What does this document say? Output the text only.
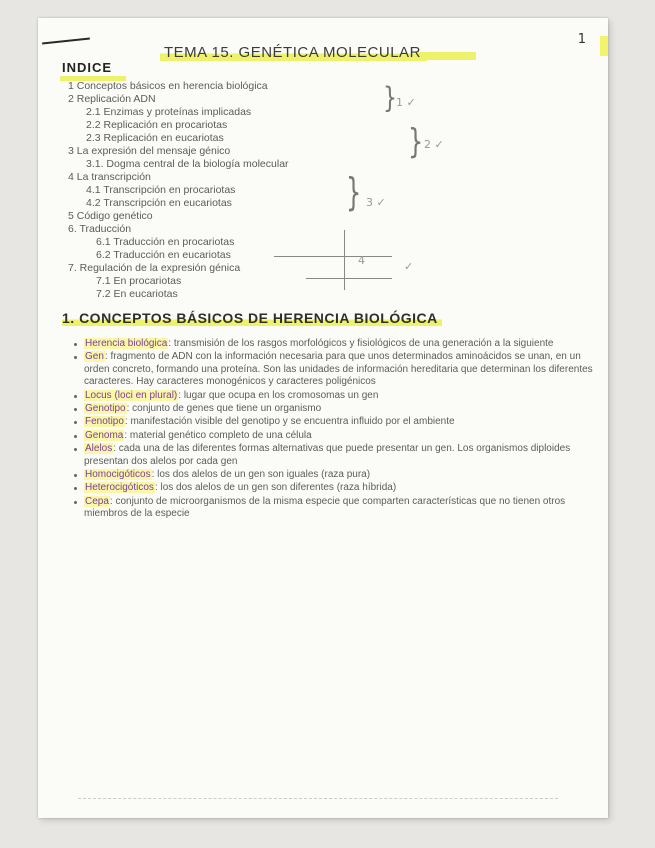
1
TEMA 15. GENÉTICA MOLECULAR
INDICE
1 Conceptos básicos en herencia biológica
2 Replicación ADN
2.1 Enzimas y proteínas implicadas
2.2 Replicación en procariotas
2.3 Replicación en eucariotas
3 La expresión del mensaje génico
3.1. Dogma central de la biología molecular
4 La transcripción
4.1 Transcripción en procariotas
4.2 Transcripción en eucariotas
5 Código genético
6. Traducción
6.1 Traducción en procariotas
6.2 Traducción en eucariotas
7. Regulación de la expresión génica
7.1 En procariotas
7.2 En eucariotas
} 1 ✓
} 2 ✓
} 3 ✓
4	✓
1. CONCEPTOS BÁSICOS DE HERENCIA BIOLÓGICA
Herencia biológica: transmisión de los rasgos morfológicos y fisiológicos de una generación a la siguiente
Gen: fragmento de ADN con la información necesaria para que unos determinados aminoácidos se unan, en un orden concreto, formando una proteína. Son las unidades de información hereditaria que determinan los diferentes caracteres. Hay caracteres monogénicos y caracteres poligénicos
Locus (loci en plural): lugar que ocupa en los cromosomas un gen
Genotipo: conjunto de genes que tiene un organismo
Fenotipo: manifestación visible del genotipo y se encuentra influido por el ambiente
Genoma: material genético completo de una célula
Alelos: cada una de las diferentes formas alternativas que puede presentar un gen. Los organismos diploides presentan dos alelos por cada gen
Homocigóticos: los dos alelos de un gen son iguales (raza pura)
Heterocigóticos: los dos alelos de un gen son diferentes (raza híbrida)
Cepa: conjunto de microorganismos de la misma especie que comparten características que no tienen otros miembros de la especie
